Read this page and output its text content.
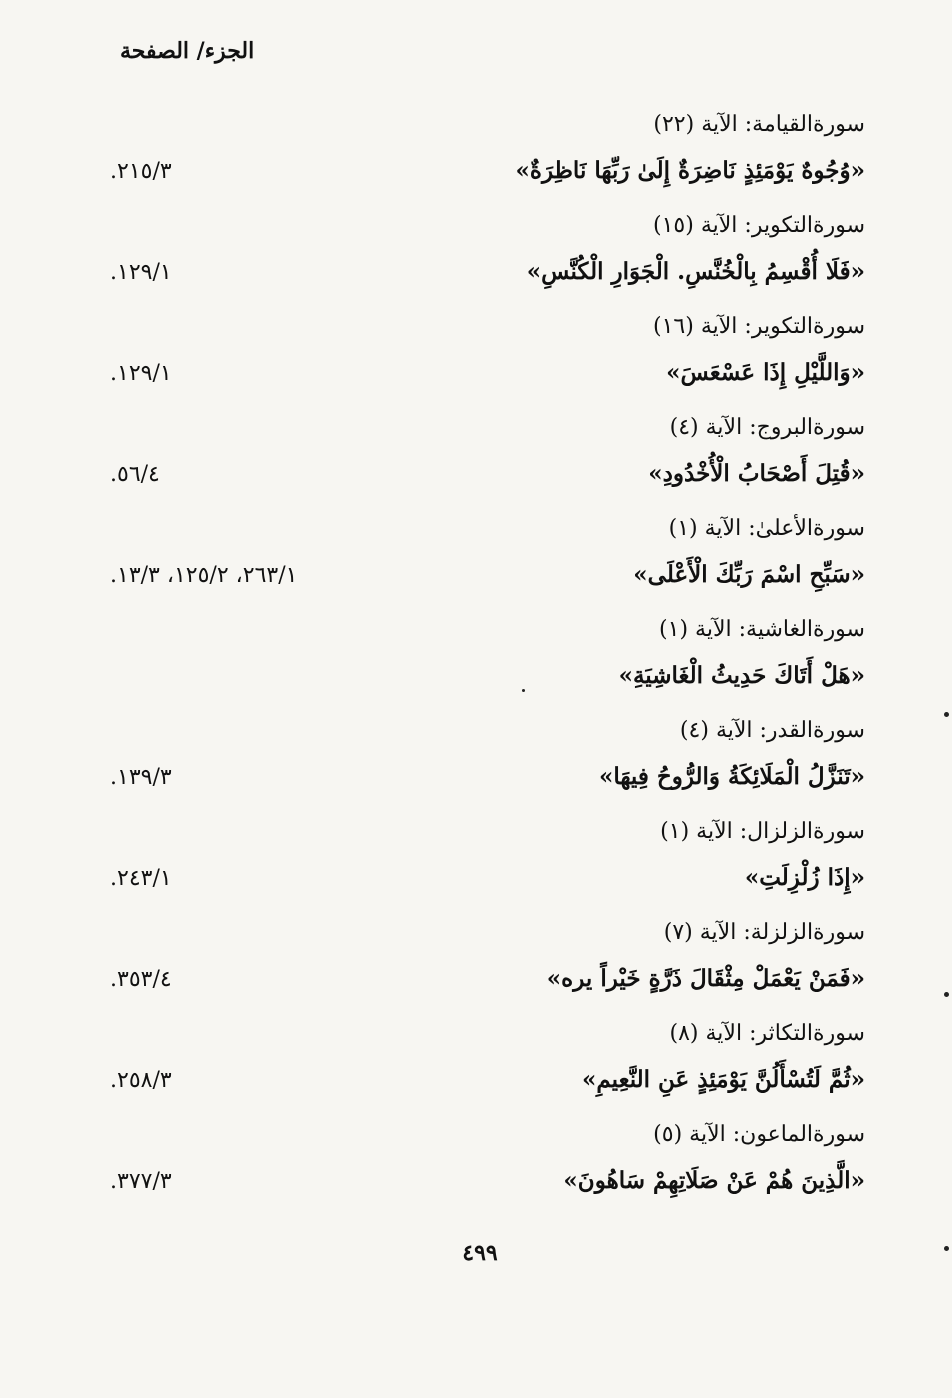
الجزء/ الصفحة
سورةالقيامة: الآية (٢٢)
«وُجُوهٌ يَوْمَئِذٍ نَاضِرَةٌ إِلَىٰ رَبِّهَا نَاظِرَةٌ»
٢١٥/٣.
سورةالتكوير: الآية (١٥)
«فَلَا أُقْسِمُ بِالْخُنَّسِ. الْجَوَارِ الْكُنَّسِ»
١٢٩/١.
سورةالتكوير: الآية (١٦)
«وَاللَّيْلِ إِذَا عَسْعَسَ»
١٢٩/١.
سورةالبروج: الآية (٤)
«قُتِلَ أَصْحَابُ الْأُخْدُودِ»
٥٦/٤.
سورةالأعلىٰ: الآية (١)
«سَبِّحِ اسْمَ رَبِّكَ الْأَعْلَى»
٢٦٣/١، ١٢٥/٢، ١٣/٣.
سورةالغاشية: الآية (١)
«هَلْ أَتَاكَ حَدِيثُ الْغَاشِيَةِ»
سورةالقدر: الآية (٤)
«تَنَزَّلُ الْمَلَائِكَةُ وَالرُّوحُ فِيهَا»
١٣٩/٣.
سورةالزلزال: الآية (١)
«إِذَا زُلْزِلَتِ»
٢٤٣/١.
سورةالزلزلة: الآية (٧)
«فَمَنْ يَعْمَلْ مِثْقَالَ ذَرَّةٍ خَيْراً يره»
٣٥٣/٤.
سورةالتكاثر: الآية (٨)
«ثُمَّ لَتُسْأَلُنَّ يَوْمَئِذٍ عَنِ النَّعِيمِ»
٢٥٨/٣.
سورةالماعون: الآية (٥)
«الَّذِينَ هُمْ عَنْ صَلَاتِهِمْ سَاهُونَ»
٣٧٧/٣.
٤٩٩
